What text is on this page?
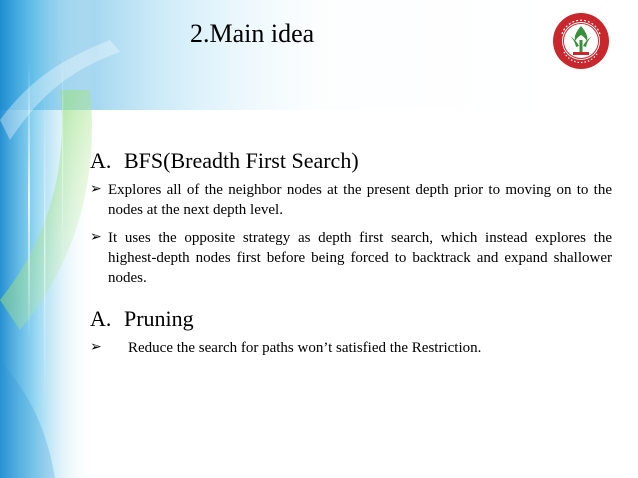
2.Main idea
A. BFS(Breadth First Search)
➢ Explores all of the neighbor nodes at the present depth prior to moving on to the nodes at the next depth level.
➢ It uses the opposite strategy as depth first search, which instead explores the highest-depth nodes first before being forced to backtrack and expand shallower nodes.
A. Pruning
➢ Reduce the search for paths won’t satisfied the Restriction.
